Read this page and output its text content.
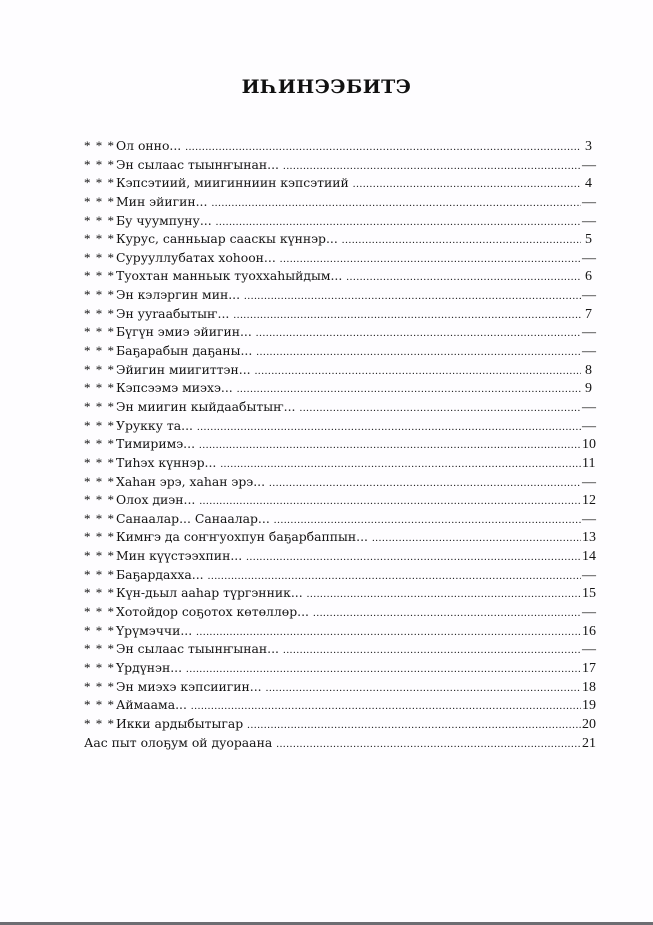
ИҺИНЭЭБИТЭ
* * * Ол онно... .....	3
* * * Эн сылаас тыынҥынан... .....	—
* * * Кэпсэтиий, миигинниин кэпсэтиий .....	4
* * * Мин эйигин... .....	—
* * * Бу чуумпуну... .....	—
* * * Курус, санньыар сааскы күннэр... .....	5
* * * Сурууллубатах хоһоон... .....	—
* * * Туохтан манньык туоххаһыйдым... .....	6
* * * Эн кэлэргин мин... .....	—
* * * Эн ууraабытыҥ... .....	7
* * * Бүгүн эмиэ эйигин... .....	—
* * * Баҕарабын даҕаны... .....	—
* * * Эйигин миигиттэн... .....	8
* * * Кэпсээмэ миэхэ... .....	9
* * * Эн миигин кыйдаабытыҥ... .....	—
* * * Урукку та... .....	—
* * * Тимиримэ... .....	10
* * * Тиһэх күннэр... .....	11
* * * Хаһан эрэ, хаһан эрэ... .....	—
* * * Олох диэн... .....	12
* * * Санаалар... Санаалар... .....	—
* * * Кимҥэ да соҥҥуохпун баҕарбаппын... .....	13
* * * Мин күүстээхпин... .....	14
* * * Баҕардахха... .....	—
* * * Күн-дьыл ааһар түргэнник... .....	15
* * * Хотойдор соҕотох көтөллөр... .....	—
* * * Үрүмэччи... .....	16
* * * Эн сылаас тыынҥынан... .....	—
* * * Үрдүнэн... .....	17
* * * Эн миэхэ кэпсиигин... .....	18
* * * Аймаама... .....	19
* * * Икки ардыбытыгар .....	20
Аас пыт олоҕум ой дуораана .....	21
